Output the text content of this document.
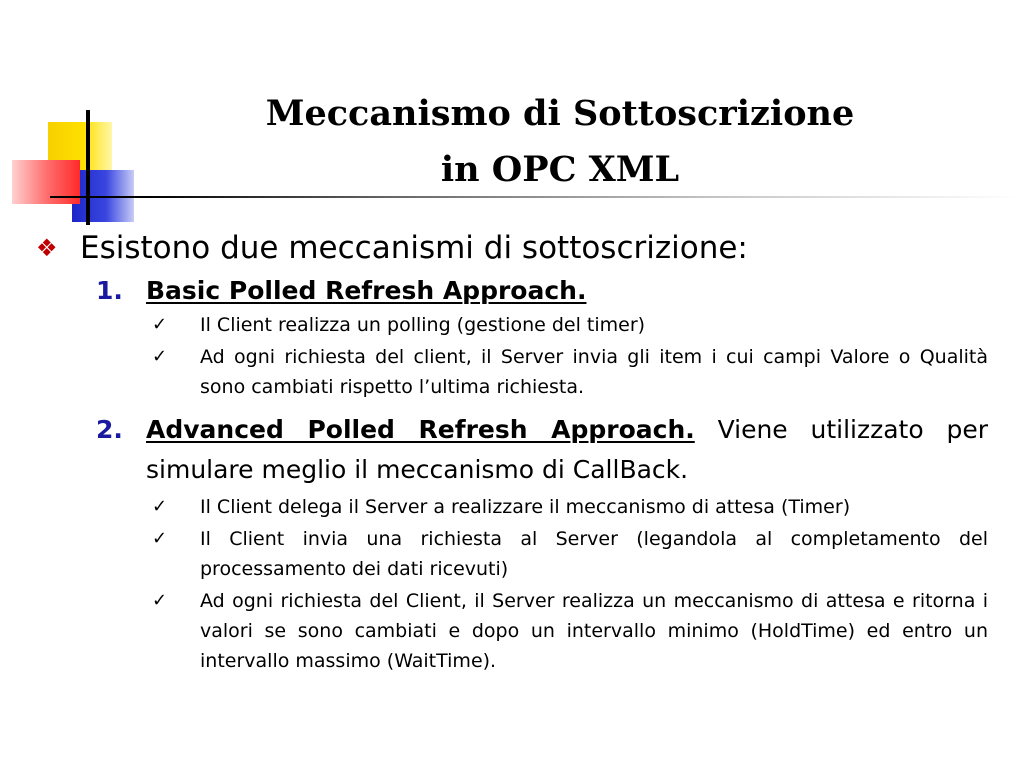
Meccanismo di Sottoscrizione
in OPC XML
❖ Esistono due meccanismi di sottoscrizione:
1. Basic Polled Refresh Approach.
✓	Il Client realizza un polling (gestione del timer)
✓	Ad ogni richiesta del client, il Server invia gli item i cui campi Valore o Qualità sono cambiati rispetto l’ultima richiesta.
2. Advanced Polled Refresh Approach. Viene utilizzato per simulare meglio il meccanismo di CallBack.
✓	Il Client delega il Server a realizzare il meccanismo di attesa (Timer)
✓	Il Client invia una richiesta al Server (legandola al completamento del processamento dei dati ricevuti)
✓	Ad ogni richiesta del Client, il Server realizza un meccanismo di attesa e ritorna i valori se sono cambiati e dopo un intervallo minimo (HoldTime) ed entro un intervallo massimo (WaitTime).
